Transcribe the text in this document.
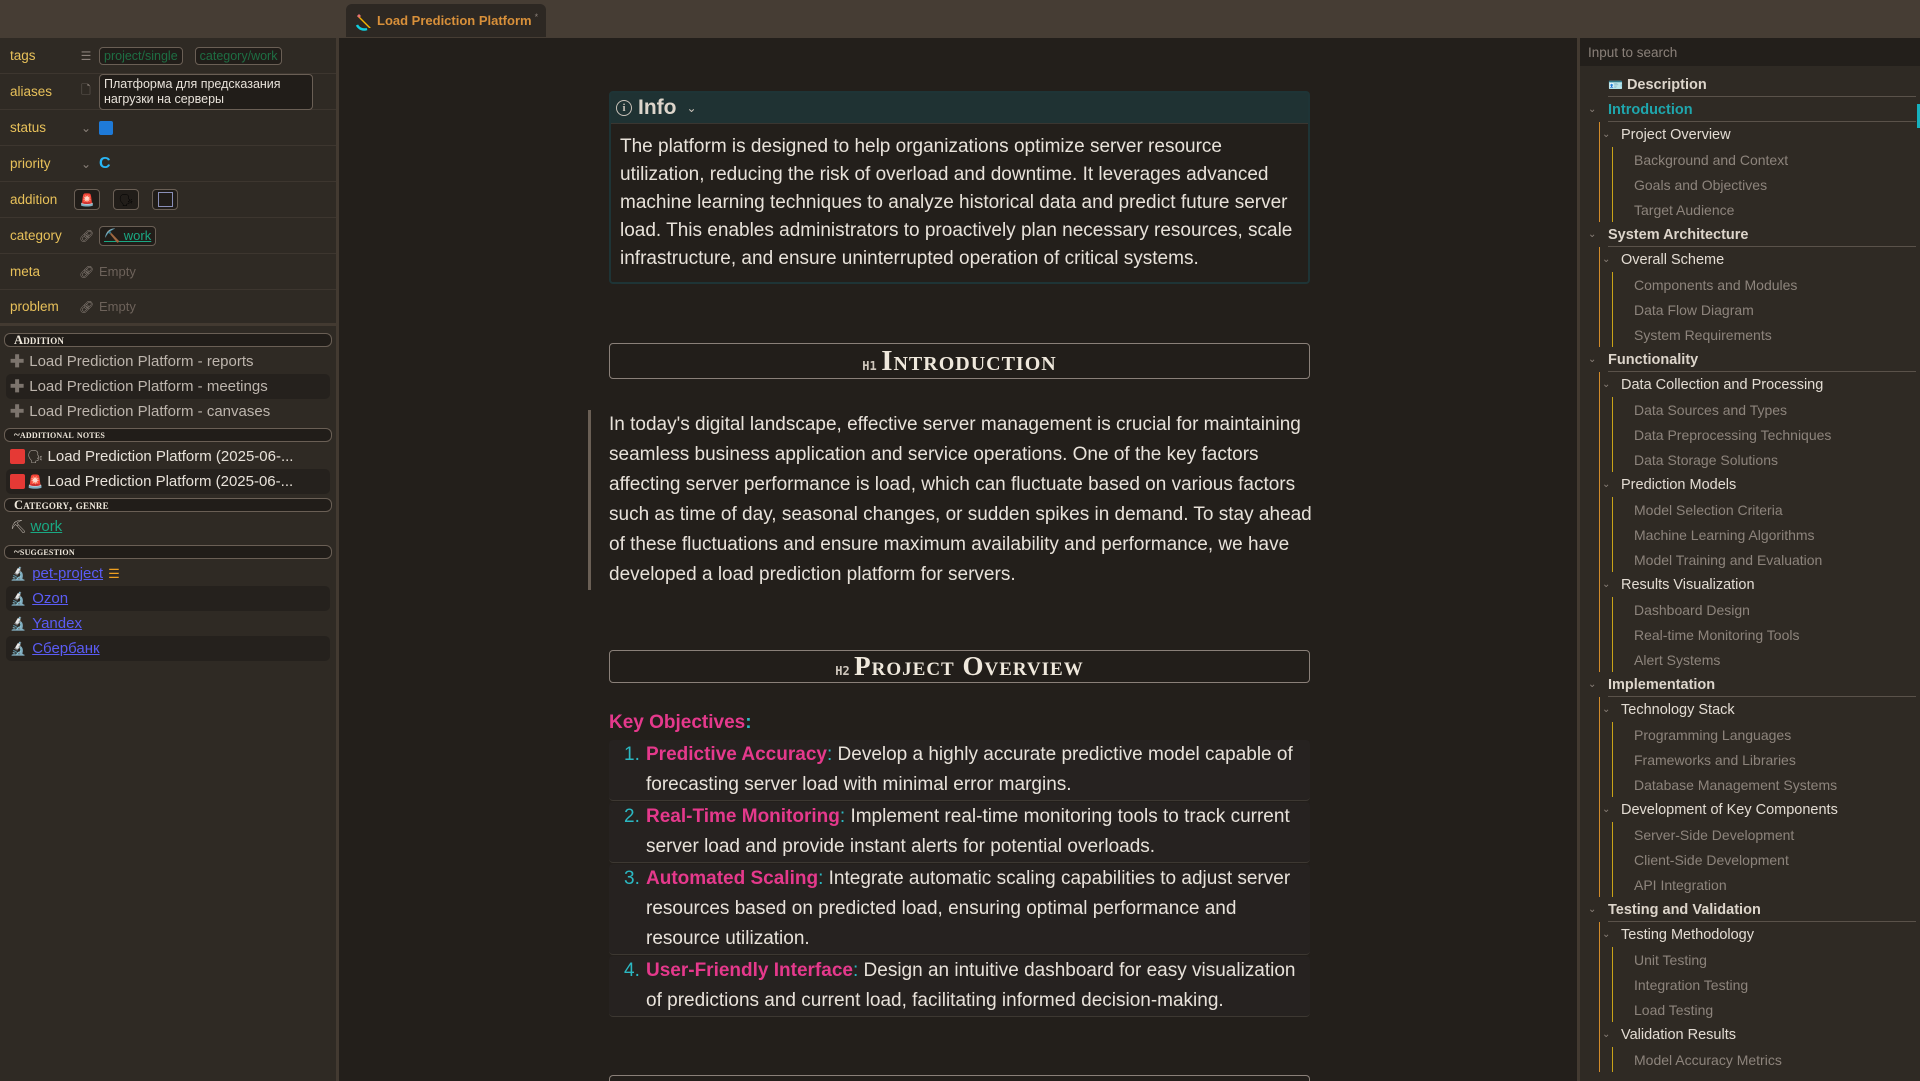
Load Prediction Platform *
tags	☰	project/single	category/work
aliases 🗋	Платформа для предсказания нагрузки на серверы
status	⌄
priority	⌄ C
addition	🚨	🗣
category 🔗︎ ⛏️ work
meta	🔗︎ Empty
problem 🔗︎ Empty
Addition
✚ Load Prediction Platform - reports
✚ Load Prediction Platform - meetings
✚ Load Prediction Platform - canvases
~additional notes
🗣 Load Prediction Platform (2025-06-...
🚨 Load Prediction Platform (2025-06-...
Category, genre
⛏ work
~suggestion
🔬 pet-project ☰
🔬 Ozon
🔬 Yandex
🔬 Сбербанк
i Info ⌄
The platform is designed to help organizations optimize server resource utilization, reducing the risk of overload and downtime. It leverages advanced machine learning techniques to analyze historical data and predict future server load. This enables administrators to proactively plan necessary resources, scale infrastructure, and ensure uninterrupted operation of critical systems.
H1 Introduction
In today's digital landscape, effective server management is crucial for maintaining seamless business application and service operations. One of the key factors affecting server performance is load, which can fluctuate based on various factors such as time of day, seasonal changes, or sudden spikes in demand. To stay ahead of these fluctuations and ensure maximum availability and performance, we have developed a load prediction platform for servers.
H2 Project Overview
Key Objectives:
1. Predictive Accuracy: Develop a highly accurate predictive model capable of forecasting server load with minimal error margins.
2. Real-Time Monitoring: Implement real-time monitoring tools to track current server load and provide instant alerts for potential overloads.
3. Automated Scaling: Integrate automatic scaling capabilities to adjust server resources based on predicted load, ensuring optimal performance and resource utilization.
4. User-Friendly Interface: Design an intuitive dashboard for easy visualization of predictions and current load, facilitating informed decision-making.
Input to search
🪪 Description
⌄ Introduction
⌄ Project Overview
Background and Context
Goals and Objectives
Target Audience
⌄ System Architecture
⌄ Overall Scheme
Components and Modules
Data Flow Diagram
System Requirements
⌄ Functionality
⌄ Data Collection and Processing
Data Sources and Types
Data Preprocessing Techniques
Data Storage Solutions
⌄ Prediction Models
Model Selection Criteria
Machine Learning Algorithms
Model Training and Evaluation
⌄ Results Visualization
Dashboard Design
Real-time Monitoring Tools
Alert Systems
⌄ Implementation
⌄ Technology Stack
Programming Languages
Frameworks and Libraries
Database Management Systems
⌄ Development of Key Components
Server-Side Development
Client-Side Development
API Integration
⌄ Testing and Validation
⌄ Testing Methodology
Unit Testing
Integration Testing
Load Testing
⌄ Validation Results
Model Accuracy Metrics
